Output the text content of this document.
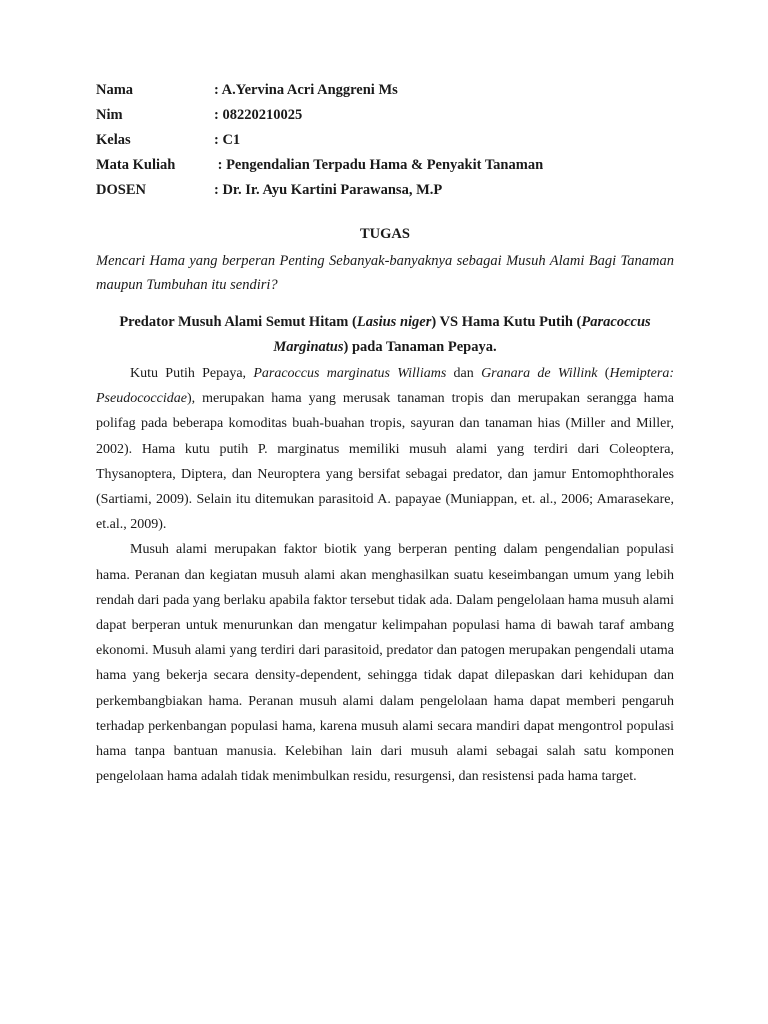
Nama	: A.Yervina Acri Anggreni Ms
Nim	: 08220210025
Kelas	: C1
Mata Kuliah	: Pengendalian Terpadu Hama & Penyakit Tanaman
DOSEN	: Dr. Ir. Ayu Kartini Parawansa, M.P
TUGAS
Mencari Hama yang berperan Penting Sebanyak-banyaknya sebagai Musuh Alami Bagi Tanaman maupun Tumbuhan itu sendiri?
Predator Musuh Alami Semut Hitam (Lasius niger) VS Hama Kutu Putih (Paracoccus Marginatus) pada Tanaman Pepaya.

Kutu Putih Pepaya, Paracoccus marginatus Williams dan Granara de Willink (Hemiptera: Pseudococcidae), merupakan hama yang merusak tanaman tropis dan merupakan serangga hama polifag pada beberapa komoditas buah-buahan tropis, sayuran dan tanaman hias (Miller and Miller, 2002). Hama kutu putih P. marginatus memiliki musuh alami yang terdiri dari Coleoptera, Thysanoptera, Diptera, dan Neuroptera yang bersifat sebagai predator, dan jamur Entomophthorales (Sartiami, 2009). Selain itu ditemukan parasitoid A. papayae (Muniappan, et. al., 2006; Amarasekare, et.al., 2009).

Musuh alami merupakan faktor biotik yang berperan penting dalam pengendalian populasi hama. Peranan dan kegiatan musuh alami akan menghasilkan suatu keseimbangan umum yang lebih rendah dari pada yang berlaku apabila faktor tersebut tidak ada. Dalam pengelolaan hama musuh alami dapat berperan untuk menurunkan dan mengatur kelimpahan populasi hama di bawah taraf ambang ekonomi. Musuh alami yang terdiri dari parasitoid, predator dan patogen merupakan pengendali utama hama yang bekerja secara density-dependent, sehingga tidak dapat dilepaskan dari kehidupan dan perkembangbiakan hama. Peranan musuh alami dalam pengelolaan hama dapat memberi pengaruh terhadap perkenbangan populasi hama, karena musuh alami secara mandiri dapat mengontrol populasi hama tanpa bantuan manusia. Kelebihan lain dari musuh alami sebagai salah satu komponen pengelolaan hama adalah tidak menimbulkan residu, resurgensi, dan resistensi pada hama target.
